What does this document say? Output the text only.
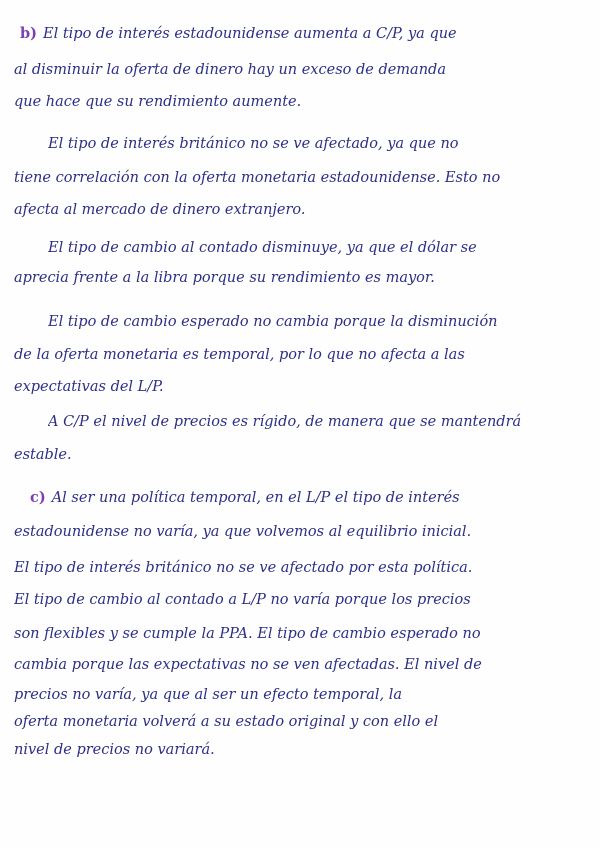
b) El tipo de interés estadounidense aumenta a C/P, ya que
al disminuir la oferta de dinero hay un exceso de demanda
que hace que su rendimiento aumente.
El tipo de interés británico no se ve afectado, ya que no
tiene correlación con la oferta monetaria estadounidense. Esto no
afecta al mercado de dinero extranjero.
El tipo de cambio al contado disminuye, ya que el dólar se
aprecia frente a la libra porque su rendimiento es mayor.
El tipo de cambio esperado no cambia porque la disminución
de la oferta monetaria es temporal, por lo que no afecta a las
expectativas del L/P.
A C/P el nivel de precios es rígido, de manera que se mantendrá
estable.
c) Al ser una política temporal, en el L/P el tipo de interés
estadounidense no varía, ya que volvemos al equilibrio inicial.
El tipo de interés británico no se ve afectado por esta política.
El tipo de cambio al contado a L/P no varía porque los precios
son flexibles y se cumple la PPA. El tipo de cambio esperado no
cambia porque las expectativas no se ven afectadas. El nivel de
precios no varía, ya que al ser un efecto temporal, la
oferta monetaria volverá a su estado original y con ello el
nivel de precios no variará.
